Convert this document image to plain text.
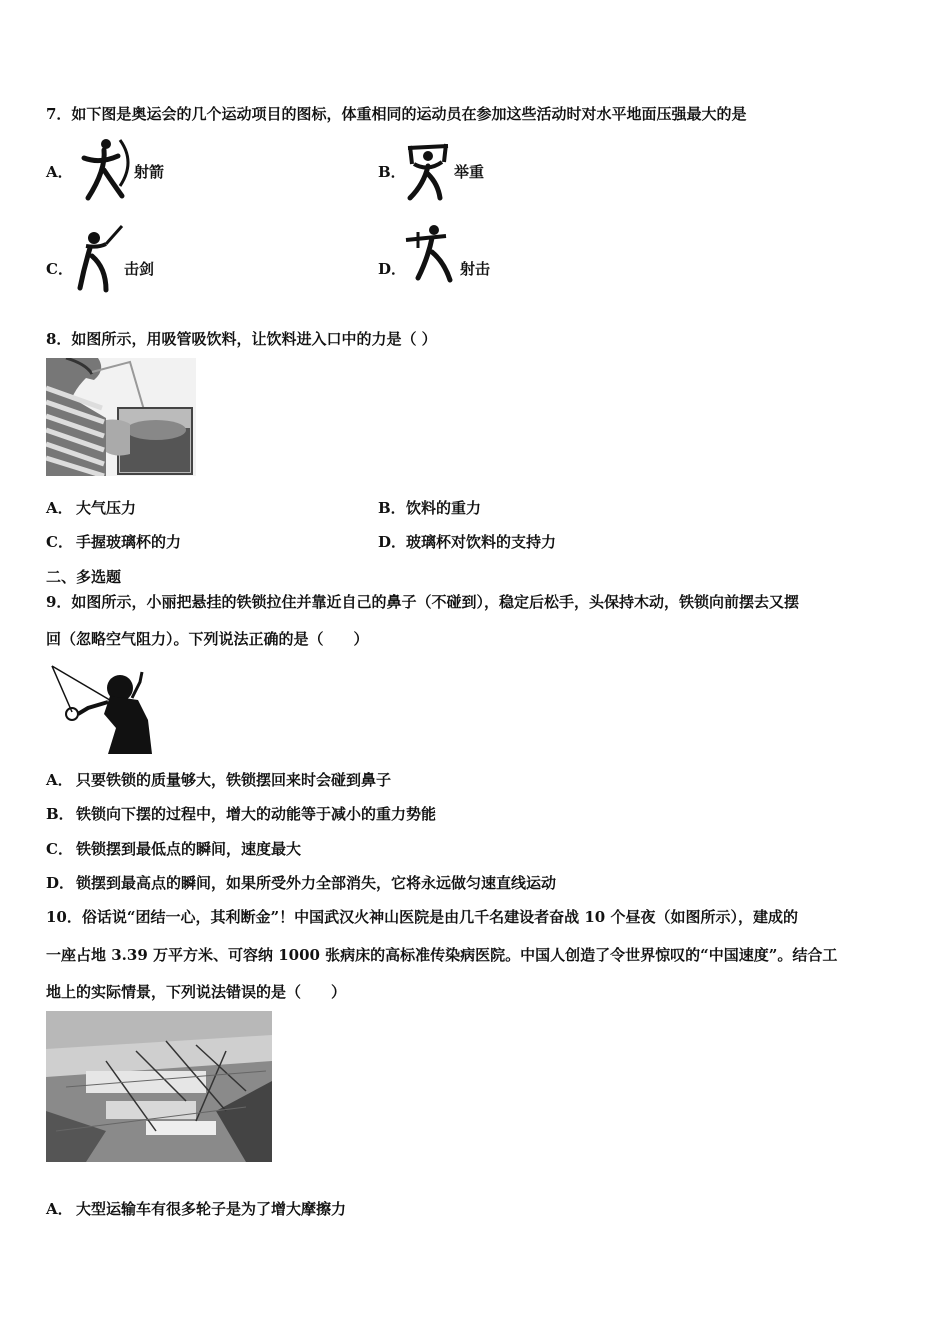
7．如下图是奥运会的几个运动项目的图标，体重相同的运动员在参加这些活动时对水平地面压强最大的是
A．	射箭	B．	举重
C．	击剑	D．	射击
8．如图所示，用吸管吸饮料，让饮料进入口中的力是（ ）
A． 大气压力	B． 饮料的重力
C． 手握玻璃杯的力	D． 玻璃杯对饮料的支持力
二、多选题
9．如图所示，小丽把悬挂的铁锁拉住并靠近自己的鼻子（不碰到），稳定后松手，头保持木动，铁锁向前摆去又摆
回（忽略空气阻力）。下列说法正确的是（　　）
A． 只要铁锁的质量够大，铁锁摆回来时会碰到鼻子
B． 铁锁向下摆的过程中，增大的动能等于减小的重力势能
C． 铁锁摆到最低点的瞬间，速度最大
D． 锁摆到最高点的瞬间，如果所受外力全部消失，它将永远做匀速直线运动
10．俗话说“团结一心，其利断金”！中国武汉火神山医院是由几千名建设者奋战 10 个昼夜（如图所示），建成的
一座占地 3.39 万平方米、可容纳 1000 张病床的高标准传染病医院。中国人创造了令世界惊叹的“中国速度”。结合工
地上的实际情景，下列说法错误的是（　　）
A． 大型运输车有很多轮子是为了增大摩擦力
